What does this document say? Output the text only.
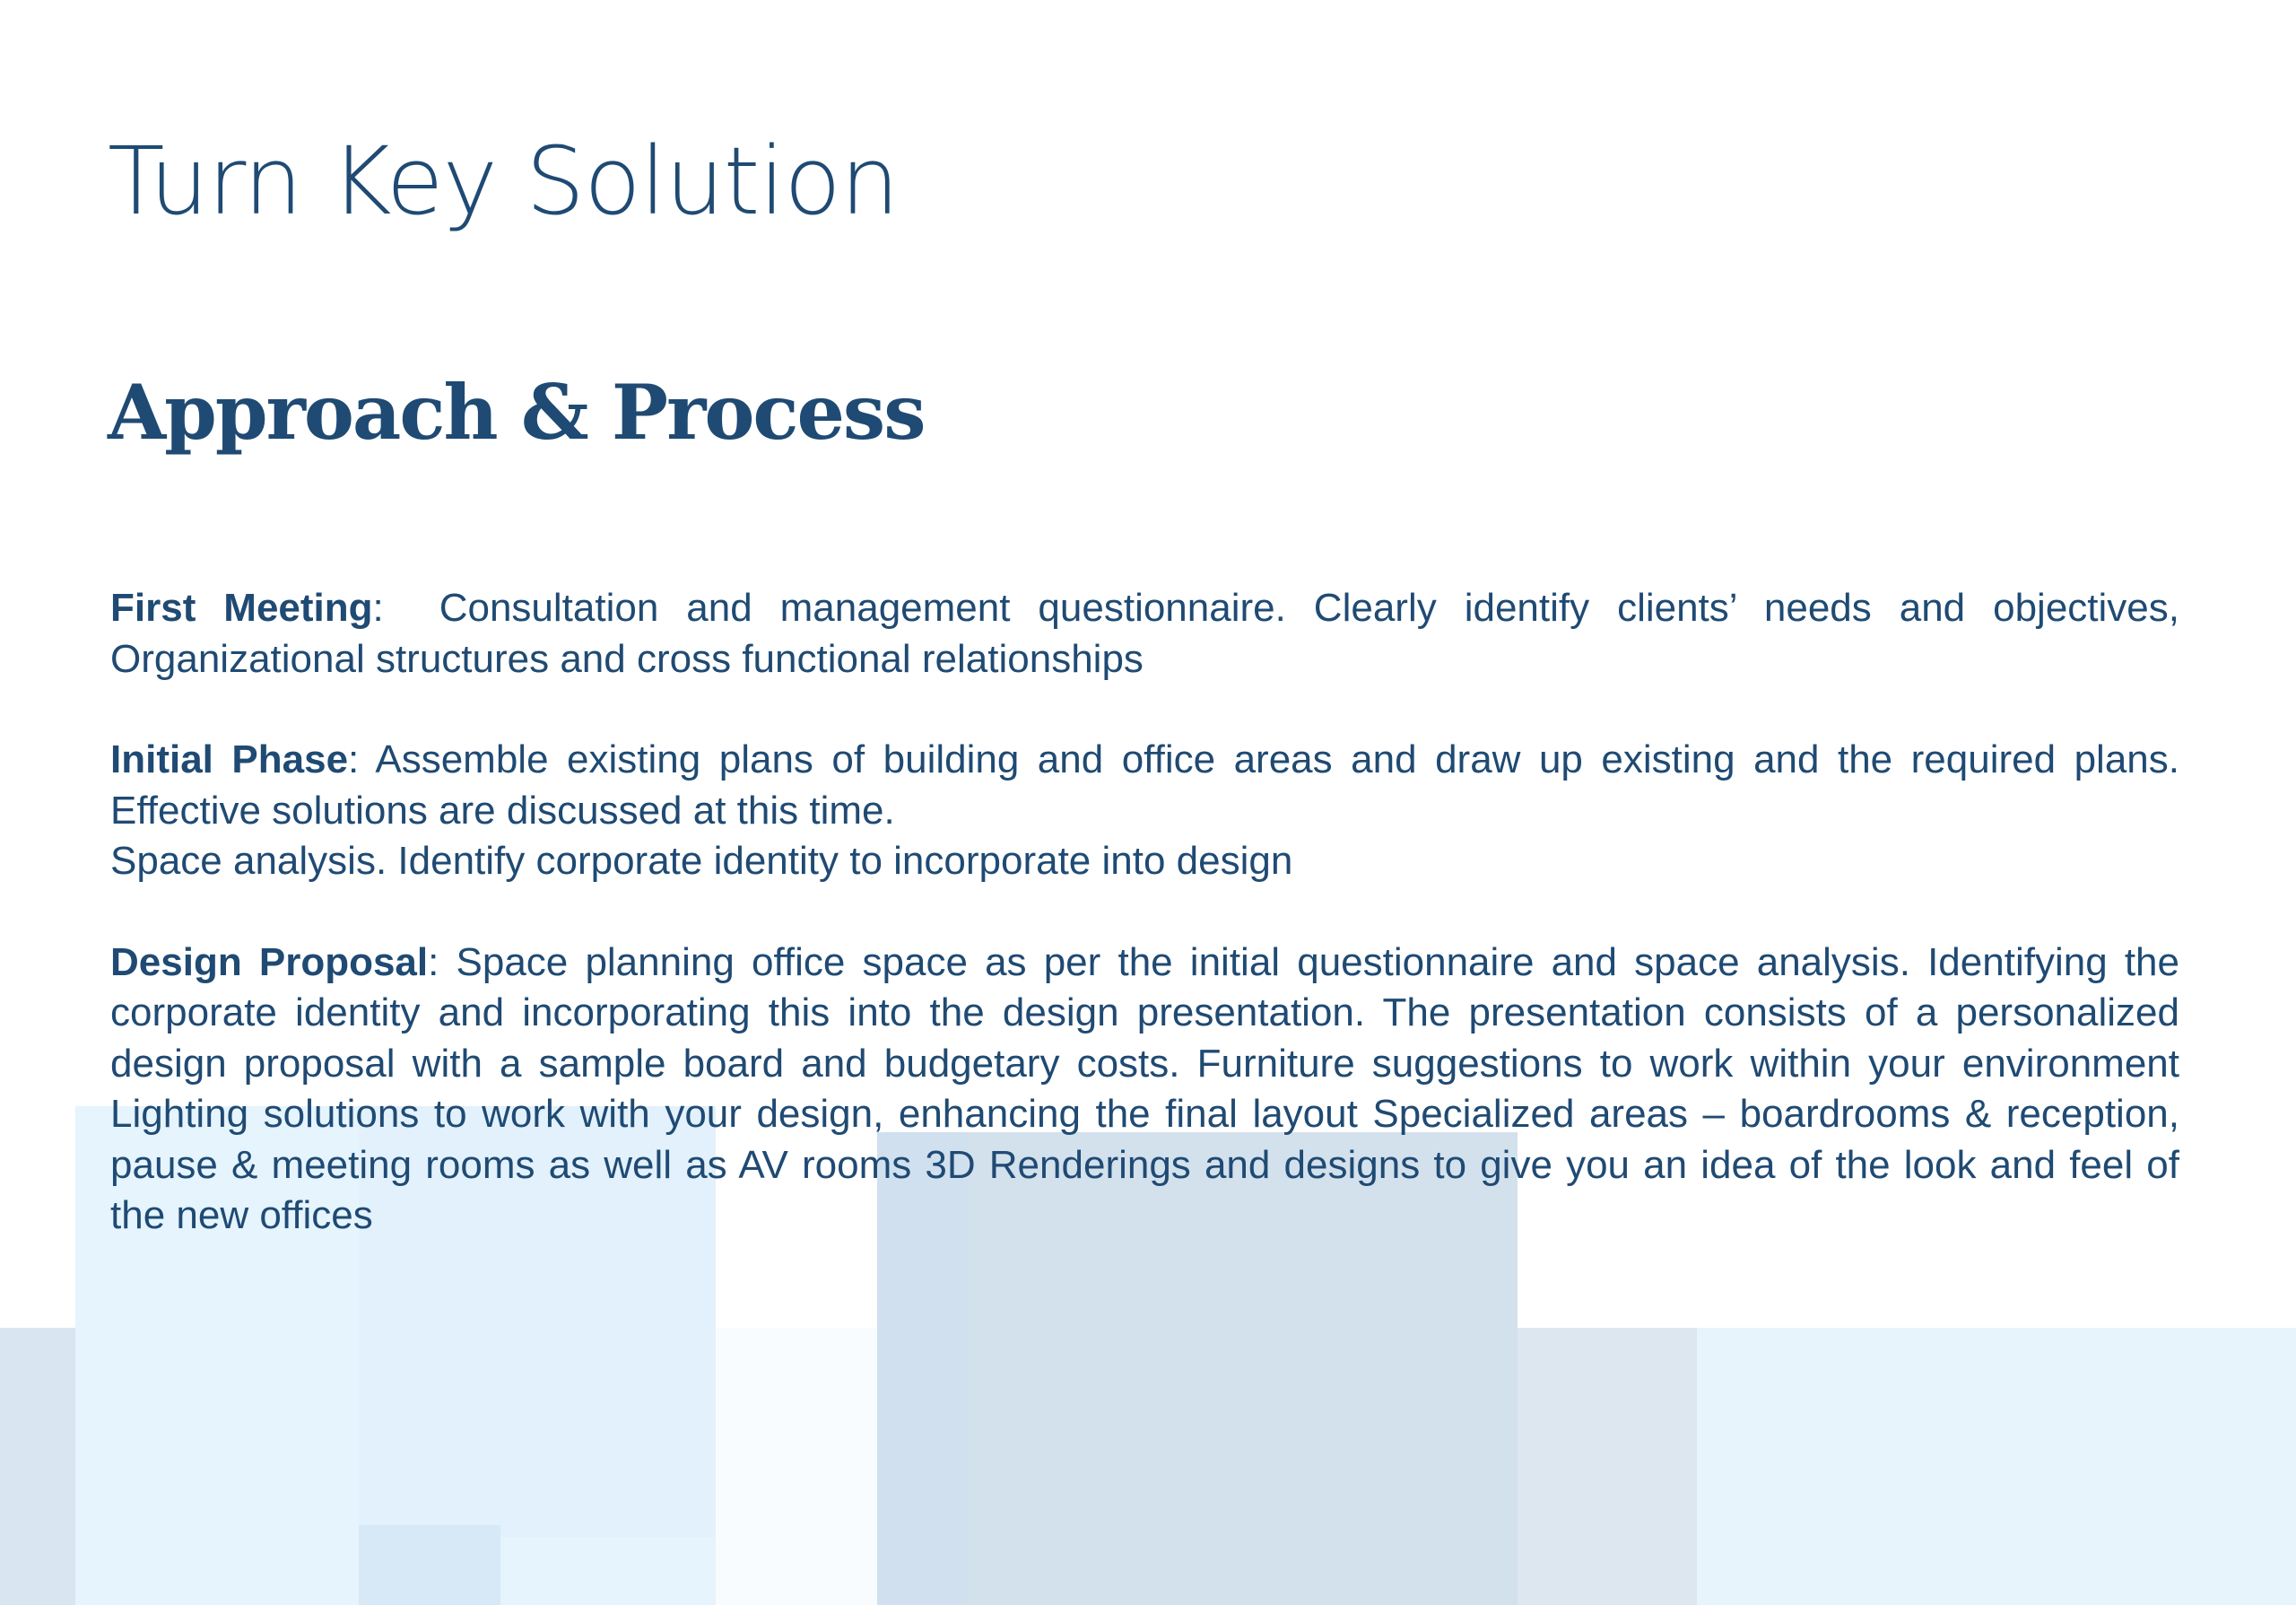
Turn Key Solution
Approach & Process

First Meeting:  Consultation and management questionnaire. Clearly identify clients’ needs and objectives, Organizational structures and cross functional relationships

Initial Phase: Assemble existing plans of building and office areas and draw up existing and the required plans. Effective solutions are discussed at this time.
Space analysis. Identify corporate identity to incorporate into design

Design Proposal: Space planning office space as per the initial questionnaire and space analysis. Identifying the corporate identity and incorporating this into the design presentation. The presentation consists of a personalized design proposal with a sample board and budgetary costs. Furniture suggestions to work within your environment Lighting solutions to work with your design, enhancing the final layout Specialized areas – boardrooms & reception, pause & meeting rooms as well as AV rooms 3D Renderings and designs to give you an idea of the look and feel of the new offices
